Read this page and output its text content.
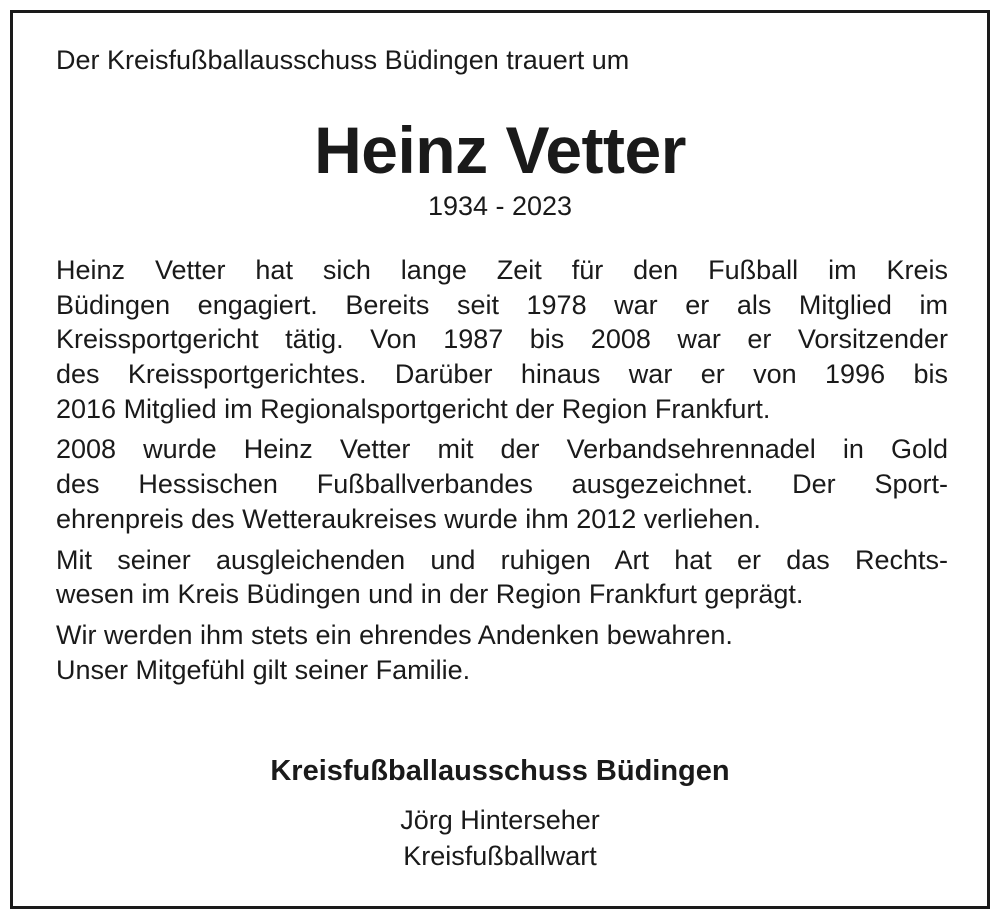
Der Kreisfußballausschuss Büdingen trauert um
Heinz Vetter
1934 - 2023
Heinz Vetter hat sich lange Zeit für den Fußball im Kreis
Büdingen engagiert. Bereits seit 1978 war er als Mitglied im
Kreissportgericht tätig. Von 1987 bis 2008 war er Vorsitzender
des Kreissportgerichtes. Darüber hinaus war er von 1996 bis
2016 Mitglied im Regionalsportgericht der Region Frankfurt.
2008 wurde Heinz Vetter mit der Verbandsehrennadel in Gold
des Hessischen Fußballverbandes ausgezeichnet. Der Sport-
ehrenpreis des Wetteraukreises wurde ihm 2012 verliehen.
Mit seiner ausgleichenden und ruhigen Art hat er das Rechts-
wesen im Kreis Büdingen und in der Region Frankfurt geprägt.
Wir werden ihm stets ein ehrendes Andenken bewahren.
Unser Mitgefühl gilt seiner Familie.
Kreisfußballausschuss Büdingen
Jörg Hinterseher
Kreisfußballwart
